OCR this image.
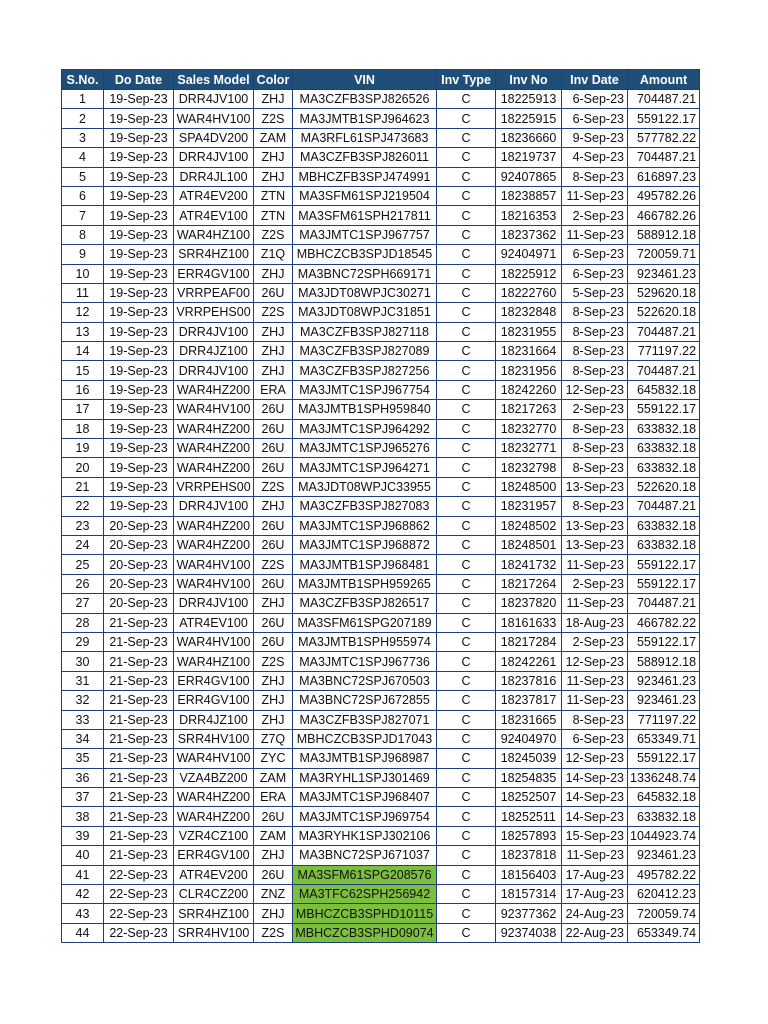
S.No.	Do Date	Sales Model	Color	VIN	Inv Type	Inv No	Inv Date	Amount
1	19-Sep-23	DRR4JV100	ZHJ	MA3CZFB3SPJ826526	C	18225913	6-Sep-23	704487.21
2	19-Sep-23	WAR4HV100	Z2S	MA3JMTB1SPJ964623	C	18225915	6-Sep-23	559122.17
3	19-Sep-23	SPA4DV200	ZAM	MA3RFL61SPJ473683	C	18236660	9-Sep-23	577782.22
4	19-Sep-23	DRR4JV100	ZHJ	MA3CZFB3SPJ826011	C	18219737	4-Sep-23	704487.21
5	19-Sep-23	DRR4JL100	ZHJ	MBHCZFB3SPJ474991	C	92407865	8-Sep-23	616897.23
6	19-Sep-23	ATR4EV200	ZTN	MA3SFM61SPJ219504	C	18238857	11-Sep-23	495782.26
7	19-Sep-23	ATR4EV100	ZTN	MA3SFM61SPH217811	C	18216353	2-Sep-23	466782.26
8	19-Sep-23	WAR4HZ100	Z2S	MA3JMTC1SPJ967757	C	18237362	11-Sep-23	588912.18
9	19-Sep-23	SRR4HZ100	Z1Q	MBHCZCB3SPJD18545	C	92404971	6-Sep-23	720059.71
10	19-Sep-23	ERR4GV100	ZHJ	MA3BNC72SPH669171	C	18225912	6-Sep-23	923461.23
11	19-Sep-23	VRRPEAF00	26U	MA3JDT08WPJC30271	C	18222760	5-Sep-23	529620.18
12	19-Sep-23	VRRPEHS00	Z2S	MA3JDT08WPJC31851	C	18232848	8-Sep-23	522620.18
13	19-Sep-23	DRR4JV100	ZHJ	MA3CZFB3SPJ827118	C	18231955	8-Sep-23	704487.21
14	19-Sep-23	DRR4JZ100	ZHJ	MA3CZFB3SPJ827089	C	18231664	8-Sep-23	771197.22
15	19-Sep-23	DRR4JV100	ZHJ	MA3CZFB3SPJ827256	C	18231956	8-Sep-23	704487.21
16	19-Sep-23	WAR4HZ200	ERA	MA3JMTC1SPJ967754	C	18242260	12-Sep-23	645832.18
17	19-Sep-23	WAR4HV100	26U	MA3JMTB1SPH959840	C	18217263	2-Sep-23	559122.17
18	19-Sep-23	WAR4HZ200	26U	MA3JMTC1SPJ964292	C	18232770	8-Sep-23	633832.18
19	19-Sep-23	WAR4HZ200	26U	MA3JMTC1SPJ965276	C	18232771	8-Sep-23	633832.18
20	19-Sep-23	WAR4HZ200	26U	MA3JMTC1SPJ964271	C	18232798	8-Sep-23	633832.18
21	19-Sep-23	VRRPEHS00	Z2S	MA3JDT08WPJC33955	C	18248500	13-Sep-23	522620.18
22	19-Sep-23	DRR4JV100	ZHJ	MA3CZFB3SPJ827083	C	18231957	8-Sep-23	704487.21
23	20-Sep-23	WAR4HZ200	26U	MA3JMTC1SPJ968862	C	18248502	13-Sep-23	633832.18
24	20-Sep-23	WAR4HZ200	26U	MA3JMTC1SPJ968872	C	18248501	13-Sep-23	633832.18
25	20-Sep-23	WAR4HV100	Z2S	MA3JMTB1SPJ968481	C	18241732	11-Sep-23	559122.17
26	20-Sep-23	WAR4HV100	26U	MA3JMTB1SPH959265	C	18217264	2-Sep-23	559122.17
27	20-Sep-23	DRR4JV100	ZHJ	MA3CZFB3SPJ826517	C	18237820	11-Sep-23	704487.21
28	21-Sep-23	ATR4EV100	26U	MA3SFM61SPG207189	C	18161633	18-Aug-23	466782.22
29	21-Sep-23	WAR4HV100	26U	MA3JMTB1SPH955974	C	18217284	2-Sep-23	559122.17
30	21-Sep-23	WAR4HZ100	Z2S	MA3JMTC1SPJ967736	C	18242261	12-Sep-23	588912.18
31	21-Sep-23	ERR4GV100	ZHJ	MA3BNC72SPJ670503	C	18237816	11-Sep-23	923461.23
32	21-Sep-23	ERR4GV100	ZHJ	MA3BNC72SPJ672855	C	18237817	11-Sep-23	923461.23
33	21-Sep-23	DRR4JZ100	ZHJ	MA3CZFB3SPJ827071	C	18231665	8-Sep-23	771197.22
34	21-Sep-23	SRR4HV100	Z7Q	MBHCZCB3SPJD17043	C	92404970	6-Sep-23	653349.71
35	21-Sep-23	WAR4HV100	ZYC	MA3JMTB1SPJ968987	C	18245039	12-Sep-23	559122.17
36	21-Sep-23	VZA4BZ200	ZAM	MA3RYHL1SPJ301469	C	18254835	14-Sep-23	1336248.74
37	21-Sep-23	WAR4HZ200	ERA	MA3JMTC1SPJ968407	C	18252507	14-Sep-23	645832.18
38	21-Sep-23	WAR4HZ200	26U	MA3JMTC1SPJ969754	C	18252511	14-Sep-23	633832.18
39	21-Sep-23	VZR4CZ100	ZAM	MA3RYHK1SPJ302106	C	18257893	15-Sep-23	1044923.74
40	21-Sep-23	ERR4GV100	ZHJ	MA3BNC72SPJ671037	C	18237818	11-Sep-23	923461.23
41	22-Sep-23	ATR4EV200	26U	MA3SFM61SPG208576	C	18156403	17-Aug-23	495782.22
42	22-Sep-23	CLR4CZ200	ZNZ	MA3TFC62SPH256942	C	18157314	17-Aug-23	620412.23
43	22-Sep-23	SRR4HZ100	ZHJ	MBHCZCB3SPHD10115	C	92377362	24-Aug-23	720059.74
44	22-Sep-23	SRR4HV100	Z2S	MBHCZCB3SPHD09074	C	92374038	22-Aug-23	653349.74
